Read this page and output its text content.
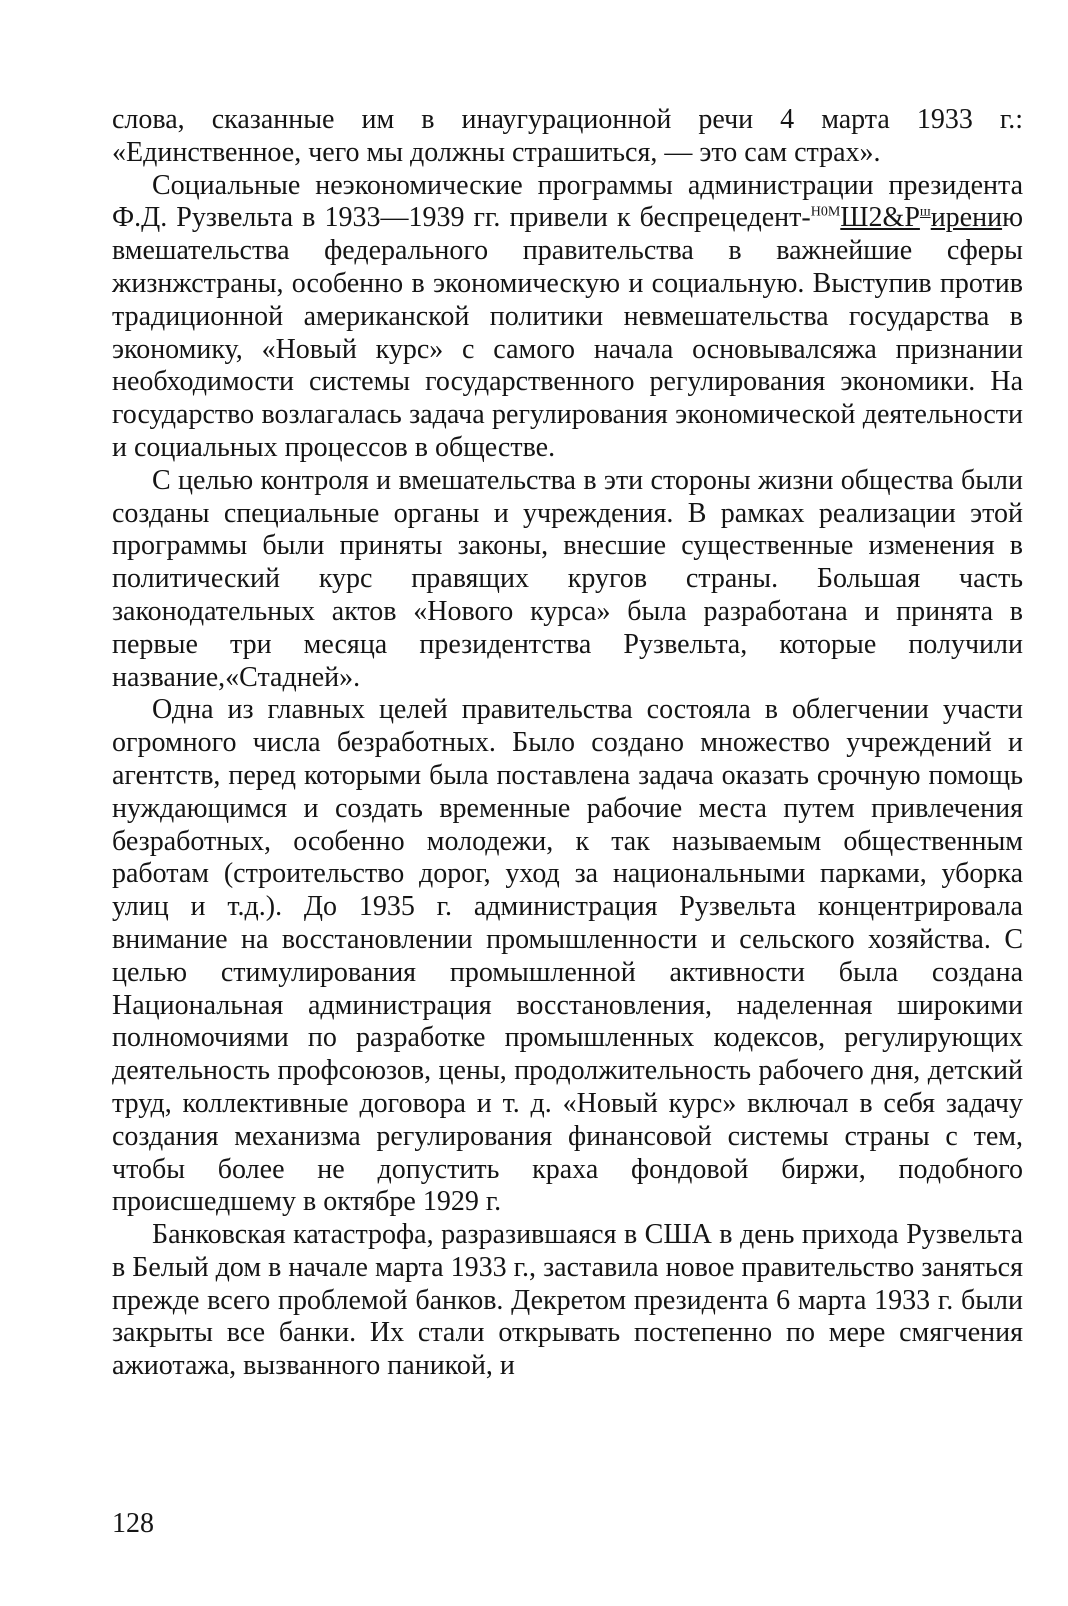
слова, сказанные им в инаугурационной речи 4 марта 1933 г.: «Единственное, чего мы должны страшиться, — это сам страх».

Социальные неэкономические программы администрации президента Ф.Д. Рузвельта в 1933—1939 гг. привели к беспрецедент-$^{Н0М}Ш2\&P^ширению$ вмешательства федерального правительства в важнейшие сферы жизнжстраны, особенно в экономическую и социальную. Выступив против традиционной американской политики невмешательства государства в экономику, «Новый курс» с самого начала основывалсяжа признании необходимости системы государственного регулирования экономики. На государство возлагалась задача регулирования экономической деятельности и социальных процессов в обществе.

С целью контроля и вмешательства в эти стороны жизни общества были созданы специальные органы и учреждения. В рамках реализации этой программы были приняты законы, внесшие существенные изменения в политический курс правящих кругов страны. Большая часть законодательных актов «Нового курса» была разработана и принята в первые три месяца президентства Рузвельта, которые получили название,«Стадней».

Одна из главных целей правительства состояла в облегчении участи огромного числа безработных. Было создано множество учреждений и агентств, перед которыми была поставлена задача оказать срочную помощь нуждающимся и создать временные рабочие места путем привлечения безработных, особенно молодежи, к так называемым общественным работам (строительство дорог, уход за национальными парками, уборка улиц и т.д.). До 1935 г. администрация Рузвельта концентрировала внимание на восстановлении промышленности и сельского хозяйства. С целью стимулирования промышленной активности была создана Национальная администрация восстановления, наделенная широкими полномочиями по разработке промышленных кодексов, регулирующих деятельность профсоюзов, цены, продолжительность рабочего дня, детский труд, коллективные договора и т. д. «Новый курс» включал в себя задачу создания механизма регулирования финансовой системы страны с тем, чтобы более не допустить краха фондовой биржи, подобного происшедшему в октябре 1929 г.

Банковская катастрофа, разразившаяся в США в день прихода Рузвельта в Белый дом в начале марта 1933 г., заставила новое правительство заняться прежде всего проблемой банков. Декретом президента 6 марта 1933 г. были закрыты все банки. Их стали открывать постепенно по мере смягчения ажиотажа, вызванного паникой, и

128
